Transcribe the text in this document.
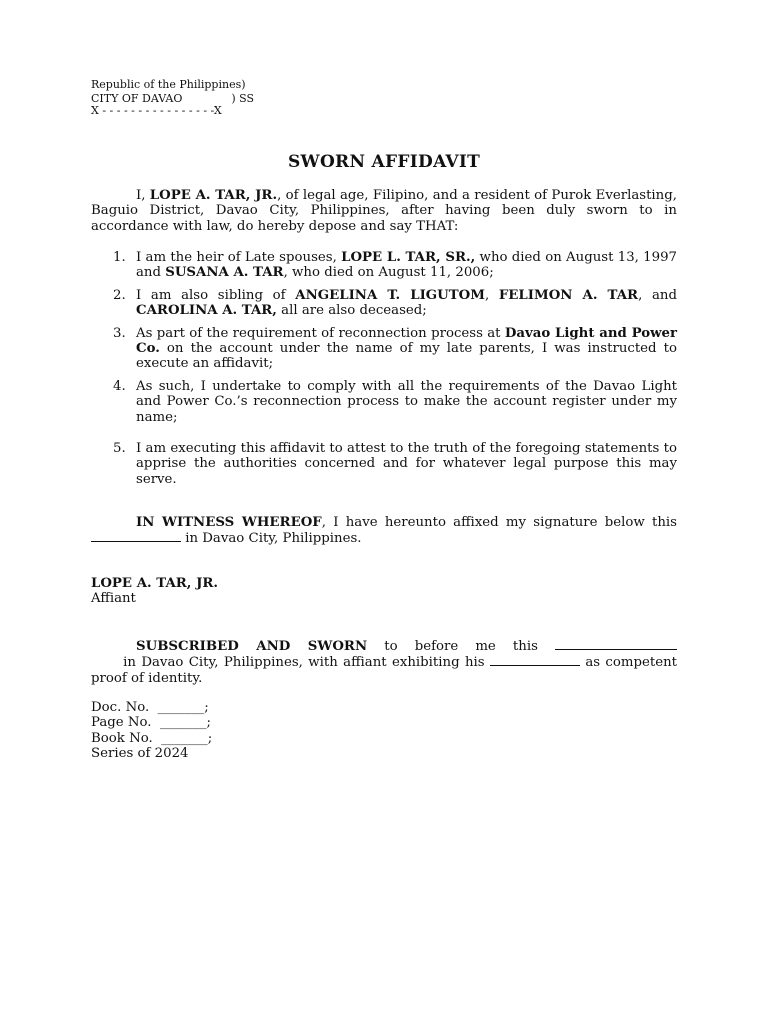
Republic of the Philippines)
CITY OF DAVAO              ) SS
X - - - - - - - - - - - - - - - -X
SWORN AFFIDAVIT
I, LOPE A. TAR, JR., of legal age, Filipino, and a resident of Purok Everlasting, Baguio District, Davao City, Philippines, after having been duly sworn to in accordance with law, do hereby depose and say THAT:
1. I am the heir of Late spouses, LOPE L. TAR, SR., who died on August 13, 1997 and SUSANA A. TAR, who died on August 11, 2006;
2. I am also sibling of ANGELINA T. LIGUTOM, FELIMON A. TAR, and CAROLINA A. TAR, all are also deceased;
3. As part of the requirement of reconnection process at Davao Light and Power Co. on the account under the name of my late parents, I was instructed to execute an affidavit;
4. As such, I undertake to comply with all the requirements of the Davao Light and Power Co.’s reconnection process to make the account register under my name;
5. I am executing this affidavit to attest to the truth of the foregoing statements to apprise the authorities concerned and for whatever legal purpose this may serve.
IN WITNESS WHEREOF, I have hereunto affixed my signature below this  in Davao City, Philippines.
LOPE A. TAR, JR.
Affiant
SUBSCRIBED AND SWORN to before me this       in Davao City, Philippines, with affiant exhibiting his	as competent proof of identity.
Doc. No.  _______;
Page No.  _______;
Book No.  _______;
Series of 2024
